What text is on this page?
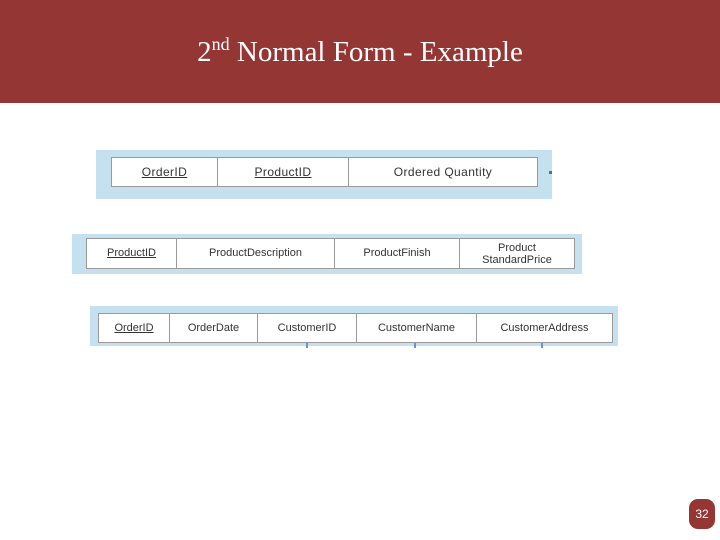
2nd Normal Form - Example
OrderID	ProductID	Ordered Quantity
ProductID	ProductDescription	ProductFinish	Product
StandardPrice
OrderID	OrderDate	CustomerID	CustomerName	CustomerAddress
32
